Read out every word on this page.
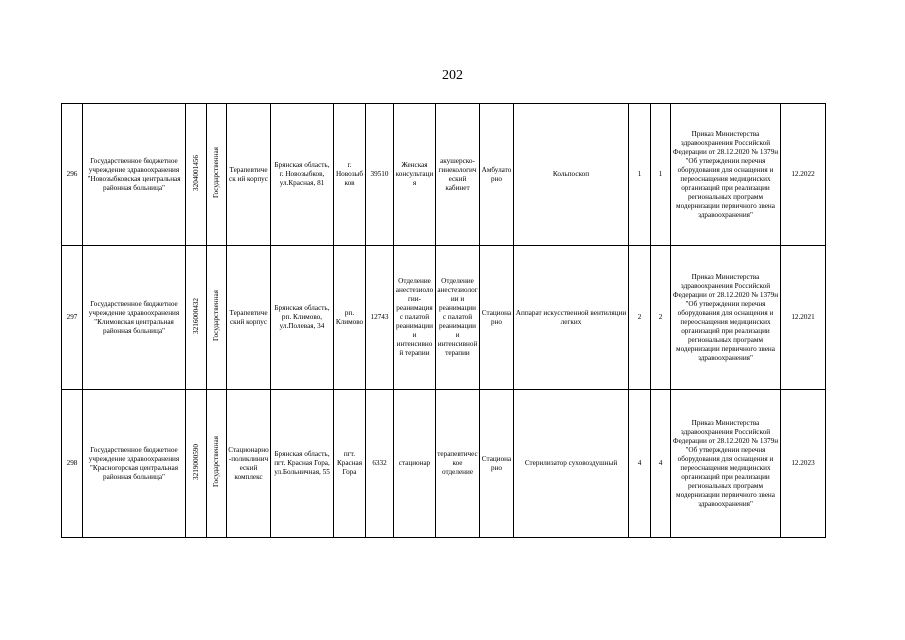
202
296	Государственное бюджетное учреждение здравоохранения "Новозыбковская центральная районная больница"	3204001456	Государственная	Терапевтическ ий корпус	Брянская область, г. Новозыбков, ул.Красная, 81	г. Новозыбков	39510	Женская консультация	акушерско-гинекологический кабинет	Амбулаторно	Кольпоскоп	1	1	Приказ Министерства здравоохранения Российской Федерации от 28.12.2020 № 1379н "Об утверждении перечня оборудования для оснащения и переоснащения медицинских организаций при реализации региональных программ модернизации первичного звена здравоохранения"	12.2022
297	Государственное бюджетное учреждение здравоохранения "Климовская центральная районная больница"	3216000432	Государственная	Терапевтический корпус	Брянская область, рп. Климово, ул.Полевая, 34	рп. Климово	12743	Отделение анестезиологии-реанимация с палатой реанимации и интенсивной терапии	Отделение анестезиологии и реанимации с палатой реанимации и интенсивной терапии	Стационарно	Аппарат искусственной вентиляции легких	2	2	Приказ Министерства здравоохранения Российской Федерации от 28.12.2020 № 1379н "Об утверждении перечня оборудования для оснащения и переоснащения медицинских организаций при реализации региональных программ модернизации первичного звена здравоохранения"	12.2021
298	Государственное бюджетное учреждение здравоохранения "Красногорская центральная районная больница"	3219000590	Государственная	Стационарно-поликлинический комплекс	Брянская область, пгт. Красная Гора, ул.Больничная, 55	пгт. Красная Гора	6332	стационар	терапевтическое отделение	Стационарно	Стерилизатор суховоздушный	4	4	Приказ Министерства здравоохранения Российской Федерации от 28.12.2020 № 1379н "Об утверждении перечня оборудования для оснащения и переоснащения медицинских организаций при реализации региональных программ модернизации первичного звена здравоохранения"	12.2023
